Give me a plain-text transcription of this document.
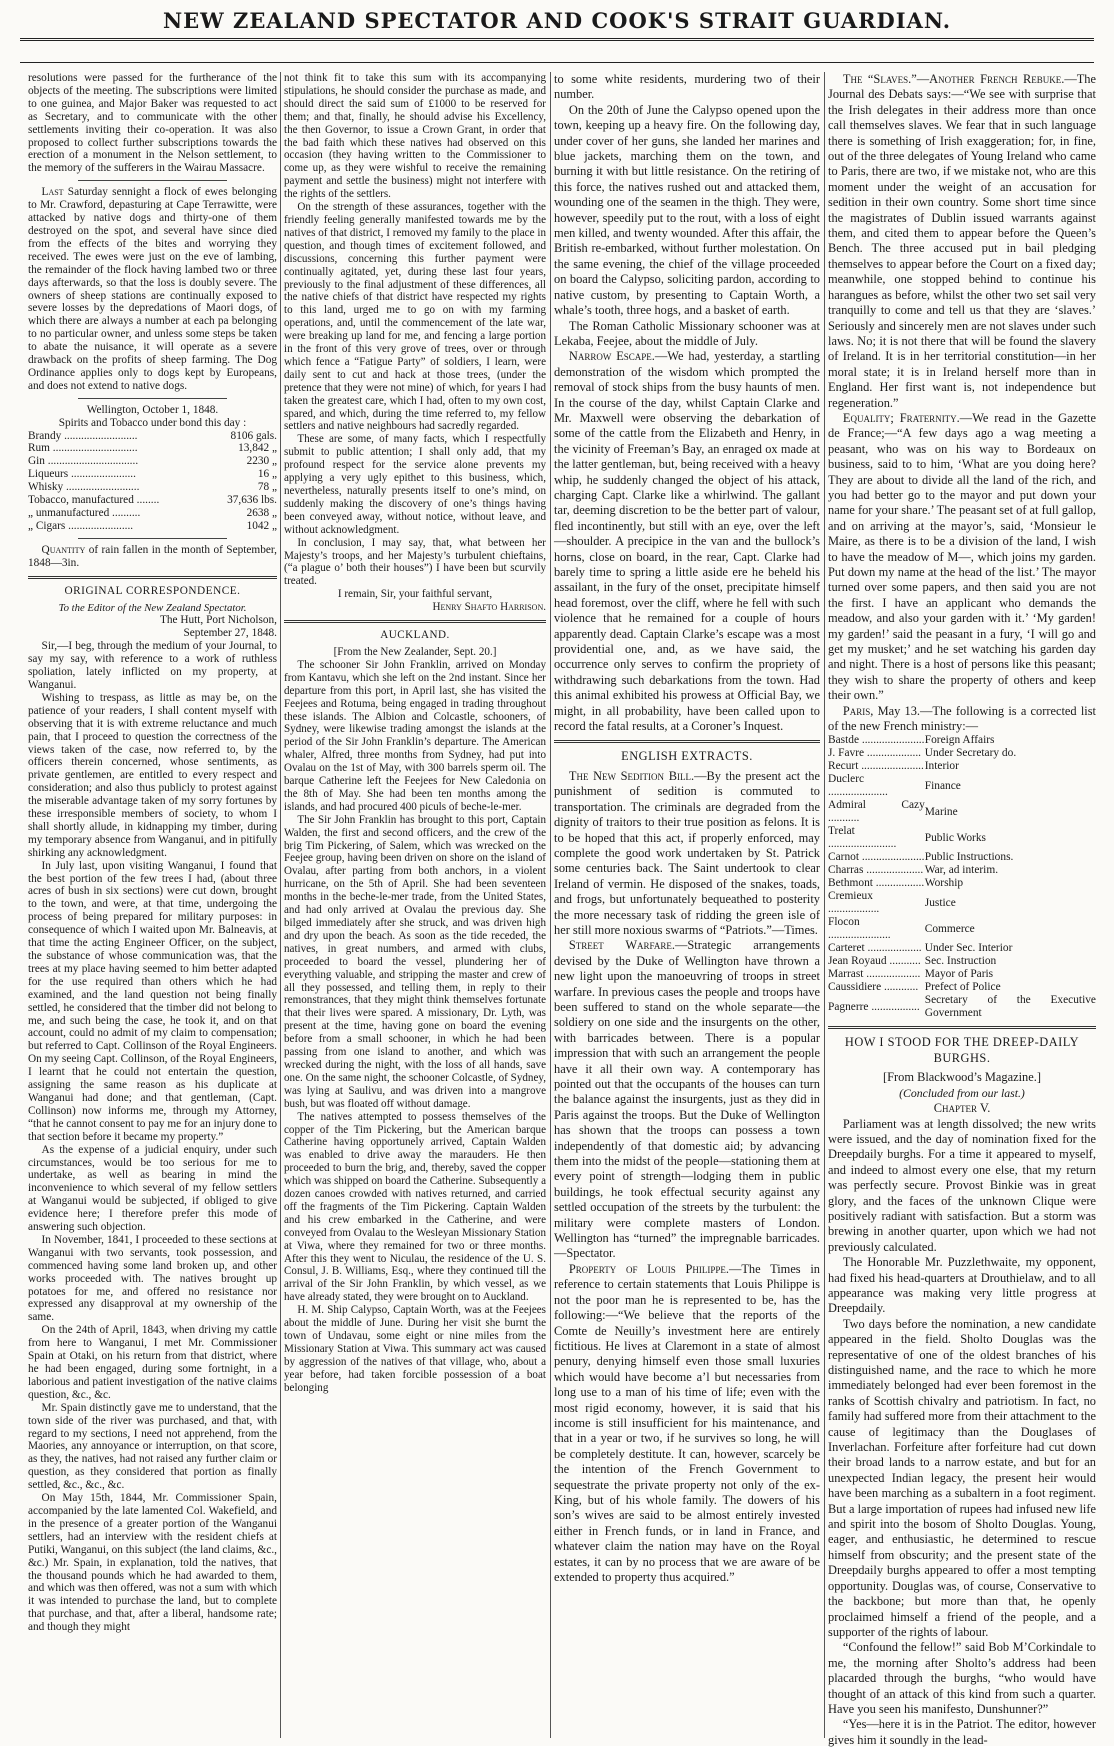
NEW ZEALAND SPECTATOR AND COOK'S STRAIT GUARDIAN.

resolutions were passed for the furtherance of the objects of the meeting. The subscriptions were limited to one guinea, and Major Baker was requested to act as Secretary, and to communicate with the other settlements inviting their co-operation. It was also proposed to collect further subscriptions towards the erection of a monument in the Nelson settlement, to the memory of the sufferers in the Wairau Massacre.

Last Saturday sennight a flock of ewes belonging to Mr. Crawford, depasturing at Cape Terrawitte, were attacked by native dogs and thirty-one of them destroyed on the spot, and several have since died from the effects of the bites and worrying they received. The ewes were just on the eve of lambing, the remainder of the flock having lambed two or three days afterwards, so that the loss is doubly severe. The owners of sheep stations are continually exposed to severe losses by the depredations of Maori dogs, of which there are always a number at each pa belonging to no particular owner, and unless some steps be taken to abate the nuisance, it will operate as a severe drawback on the profits of sheep farming. The Dog Ordinance applies only to dogs kept by Europeans, and does not extend to native dogs.

Wellington, October 1, 1848.

Spirits and Tobacco under bond this day :

Brandy ..........................	8106 gals.
Rum ..............................	13,842 „
Gin ................................	2230 „
Liqueurs .......................	16 „
Whisky ..........................	78 „
Tobacco, manufactured ........	37,636 lbs.
„ unmanufactured ..........	2638 „
„ Cigars .......................	1042 „

Quantity of rain fallen in the month of September, 1848—3in.

ORIGINAL CORRESPONDENCE.

To the Editor of the New Zealand Spectator.

The Hutt, Port Nicholson,

September 27, 1848.

Sir,—I beg, through the medium of your Journal, to say my say, with reference to a work of ruthless spoliation, lately inflicted on my property, at Wanganui.

Wishing to trespass, as little as may be, on the patience of your readers, I shall content myself with observing that it is with extreme reluctance and much pain, that I proceed to question the correctness of the views taken of the case, now referred to, by the officers therein concerned, whose sentiments, as private gentlemen, are entitled to every respect and consideration; and also thus publicly to protest against the miserable advantage taken of my sorry fortunes by these irresponsible members of society, to whom I shall shortly allude, in kidnapping my timber, during my temporary absence from Wanganui, and in pitifully shirking any acknowledgment.

In July last, upon visiting Wanganui, I found that the best portion of the few trees I had, (about three acres of bush in six sections) were cut down, brought to the town, and were, at that time, undergoing the process of being prepared for military purposes: in consequence of which I waited upon Mr. Balneavis, at that time the acting Engineer Officer, on the subject, the substance of whose communication was, that the trees at my place having seemed to him better adapted for the use required than others which he had examined, and the land question not being finally settled, he considered that the timber did not belong to me, and such being the case, he took it, and on that account, could no admit of my claim to compensation; but referred to Capt. Collinson of the Royal Engineers. On my seeing Capt. Collinson, of the Royal Engineers, I learnt that he could not entertain the question, assigning the same reason as his duplicate at Wanganui had done; and that gentleman, (Capt. Collinson) now informs me, through my Attorney, “that he cannot consent to pay me for an injury done to that section before it became my property.”

As the expense of a judicial enquiry, under such circumstances, would be too serious for me to undertake, as well as bearing in mind the inconvenience to which several of my fellow settlers at Wanganui would be subjected, if obliged to give evidence here; I therefore prefer this mode of answering such objection.

In November, 1841, I proceeded to these sections at Wanganui with two servants, took possession, and commenced having some land broken up, and other works proceeded with. The natives brought up potatoes for me, and offered no resistance nor expressed any disapproval at my ownership of the same.

On the 24th of April, 1843, when driving my cattle from here to Wanganui, I met Mr. Commissioner Spain at Otaki, on his return from that district, where he had been engaged, during some fortnight, in a laborious and patient investigation of the native claims question, &c., &c.

Mr. Spain distinctly gave me to understand, that the town side of the river was purchased, and that, with regard to my sections, I need not apprehend, from the Maories, any annoyance or interruption, on that score, as they, the natives, had not raised any further claim or question, as they considered that portion as finally settled, &c., &c., &c.

On May 15th, 1844, Mr. Commissioner Spain, accompanied by the late lamented Col. Wakefield, and in the presence of a greater portion of the Wanganui settlers, had an interview with the resident chiefs at Putiki, Wanganui, on this subject (the land claims, &c., &c.) Mr. Spain, in explanation, told the natives, that the thousand pounds which he had awarded to them, and which was then offered, was not a sum with which it was intended to purchase the land, but to complete that purchase, and that, after a liberal, handsome rate; and though they might

not think fit to take this sum with its accompanying stipulations, he should consider the purchase as made, and should direct the said sum of £1000 to be reserved for them; and that, finally, he should advise his Excellency, the then Governor, to issue a Crown Grant, in order that the bad faith which these natives had observed on this occasion (they having written to the Commissioner to come up, as they were wishful to receive the remaining payment and settle the business) might not interfere with the rights of the settlers.

On the strength of these assurances, together with the friendly feeling generally manifested towards me by the natives of that district, I removed my family to the place in question, and though times of excitement followed, and discussions, concerning this further payment were continually agitated, yet, during these last four years, previously to the final adjustment of these differences, all the native chiefs of that district have respected my rights to this land, urged me to go on with my farming operations, and, until the commencement of the late war, were breaking up land for me, and fencing a large portion in the front of this very grove of trees, over or through which fence a “Fatigue Party” of soldiers, I learn, were daily sent to cut and hack at those trees, (under the pretence that they were not mine) of which, for years I had taken the greatest care, which I had, often to my own cost, spared, and which, during the time referred to, my fellow settlers and native neighbours had sacredly regarded.

These are some, of many facts, which I respectfully submit to public attention; I shall only add, that my profound respect for the service alone prevents my applying a very ugly epithet to this business, which, nevertheless, naturally presents itself to one’s mind, on suddenly making the discovery of one’s things having been conveyed away, without notice, without leave, and without acknowledgment.

In conclusion, I may say, that, what between her Majesty’s troops, and her Majesty’s turbulent chieftains, (“a plague o’ both their houses”) I have been but scurvily treated.

I remain, Sir, your faithful servant,

Henry Shafto Harrison.

AUCKLAND.

[From the New Zealander, Sept. 20.]

The schooner Sir John Franklin, arrived on Monday from Kantavu, which she left on the 2nd instant. Since her departure from this port, in April last, she has visited the Feejees and Rotuma, being engaged in trading throughout these islands. The Albion and Colcastle, schooners, of Sydney, were likewise trading amongst the islands at the period of the Sir John Franklin’s departure. The American whaler, Alfred, three months from Sydney, had put into Ovalau on the 1st of May, with 300 barrels sperm oil. The barque Catherine left the Feejees for New Caledonia on the 8th of May. She had been ten months among the islands, and had procured 400 piculs of beche-le-mer.

The Sir John Franklin has brought to this port, Captain Walden, the first and second officers, and the crew of the brig Tim Pickering, of Salem, which was wrecked on the Feejee group, having been driven on shore on the island of Ovalau, after parting from both anchors, in a violent hurricane, on the 5th of April. She had been seventeen months in the beche-le-mer trade, from the United States, and had only arrived at Ovalau the previous day. She bilged immediately after she struck, and was driven high and dry upon the beach. As soon as the tide receded, the natives, in great numbers, and armed with clubs, proceeded to board the vessel, plundering her of everything valuable, and stripping the master and crew of all they possessed, and telling them, in reply to their remonstrances, that they might think themselves fortunate that their lives were spared. A missionary, Dr. Lyth, was present at the time, having gone on board the evening before from a small schooner, in which he had been passing from one island to another, and which was wrecked during the night, with the loss of all hands, save one. On the same night, the schooner Colcastle, of Sydney, was lying at Saulivu, and was driven into a mangrove bush, but was floated off without damage.

The natives attempted to possess themselves of the copper of the Tim Pickering, but the American barque Catherine having opportunely arrived, Captain Walden was enabled to drive away the marauders. He then proceeded to burn the brig, and, thereby, saved the copper which was shipped on board the Catherine. Subsequently a dozen canoes crowded with natives returned, and carried off the fragments of the Tim Pickering. Captain Walden and his crew embarked in the Catherine, and were conveyed from Ovalau to the Wesleyan Missionary Station at Viwa, where they remained for two or three months. After this they went to Niculau, the residence of the U. S. Consul, J. B. Williams, Esq., where they continued till the arrival of the Sir John Franklin, by which vessel, as we have already stated, they were brought on to Auckland.

H. M. Ship Calypso, Captain Worth, was at the Feejees about the middle of June. During her visit she burnt the town of Undavau, some eight or nine miles from the Missionary Station at Viwa. This summary act was caused by aggression of the natives of that village, who, about a year before, had taken forcible possession of a boat belonging

to some white residents, murdering two of their number.

On the 20th of June the Calypso opened upon the town, keeping up a heavy fire. On the following day, under cover of her guns, she landed her marines and blue jackets, marching them on the town, and burning it with but little resistance. On the retiring of this force, the natives rushed out and attacked them, wounding one of the seamen in the thigh. They were, however, speedily put to the rout, with a loss of eight men killed, and twenty wounded. After this affair, the British re-embarked, without further molestation. On the same evening, the chief of the village proceeded on board the Calypso, soliciting pardon, according to native custom, by presenting to Captain Worth, a whale’s tooth, three hogs, and a basket of earth.

The Roman Catholic Missionary schooner was at Lekaba, Feejee, about the middle of July.

Narrow Escape.—We had, yesterday, a startling demonstration of the wisdom which prompted the removal of stock ships from the busy haunts of men. In the course of the day, whilst Captain Clarke and Mr. Maxwell were observing the debarkation of some of the cattle from the Elizabeth and Henry, in the vicinity of Freeman’s Bay, an enraged ox made at the latter gentleman, but, being received with a heavy whip, he suddenly changed the object of his attack, charging Capt. Clarke like a whirlwind. The gallant tar, deeming discretion to be the better part of valour, fled incontinently, but still with an eye, over the left—shoulder. A precipice in the van and the bullock’s horns, close on board, in the rear, Capt. Clarke had barely time to spring a little aside ere he beheld his assailant, in the fury of the onset, precipitate himself head foremost, over the cliff, where he fell with such violence that he remained for a couple of hours apparently dead. Captain Clarke’s escape was a most providential one, and, as we have said, the occurrence only serves to confirm the propriety of withdrawing such debarkations from the town. Had this animal exhibited his prowess at Official Bay, we might, in all probability, have been called upon to record the fatal results, at a Coroner’s Inquest.

ENGLISH EXTRACTS.

The New Sedition Bill.—By the present act the punishment of sedition is commuted to transportation. The criminals are degraded from the dignity of traitors to their true position as felons. It is to be hoped that this act, if properly enforced, may complete the good work undertaken by St. Patrick some centuries back. The Saint undertook to clear Ireland of vermin. He disposed of the snakes, toads, and frogs, but unfortunately bequeathed to posterity the more necessary task of ridding the green isle of her still more noxious swarms of “Patriots.”—Times.

Street Warfare.—Strategic arrangements devised by the Duke of Wellington have thrown a new light upon the manoeuvring of troops in street warfare. In previous cases the people and troops have been suffered to stand on the whole separate—the soldiery on one side and the insurgents on the other, with barricades between. There is a popular impression that with such an arrangement the people have it all their own way. A contemporary has pointed out that the occupants of the houses can turn the balance against the insurgents, just as they did in Paris against the troops. But the Duke of Wellington has shown that the troops can possess a town independently of that domestic aid; by advancing them into the midst of the people—stationing them at every point of strength—lodging them in public buildings, he took effectual security against any settled occupation of the streets by the turbulent: the military were complete masters of London. Wellington has “turned” the impregnable barricades.—Spectator.

Property of Louis Philippe.—The Times in reference to certain statements that Louis Philippe is not the poor man he is represented to be, has the following:—“We believe that the reports of the Comte de Neuilly’s investment here are entirely fictitious. He lives at Claremont in a state of almost penury, denying himself even those small luxuries which would have become a’l but necessaries from long use to a man of his time of life; even with the most rigid economy, however, it is said that his income is still insufficient for his maintenance, and that in a year or two, if he survives so long, he will be completely destitute. It can, however, scarcely be the intention of the French Government to sequestrate the private property not only of the ex-King, but of his whole family. The dowers of his son’s wives are said to be almost entirely invested either in French funds, or in land in France, and whatever claim the nation may have on the Royal estates, it can by no process that we are aware of be extended to property thus acquired.”

The “Slaves.”—Another French Rebuke.—The Journal des Debats says:—“We see with surprise that the Irish delegates in their address more than once call themselves slaves. We fear that in such language there is something of Irish exaggeration; for, in fine, out of the three delegates of Young Ireland who came to Paris, there are two, if we mistake not, who are this moment under the weight of an accusation for sedition in their own country. Some short time since the magistrates of Dublin issued warrants against them, and cited them to appear before the Queen’s Bench. The three accused put in bail pledging themselves to appear before the Court on a fixed day; meanwhile, one stopped behind to continue his harangues as before, whilst the other two set sail very tranquilly to come and tell us that they are ‘slaves.’ Seriously and sincerely men are not slaves under such laws. No; it is not there that will be found the slavery of Ireland. It is in her territorial constitution—in her moral state; it is in Ireland herself more than in England. Her first want is, not independence but regeneration.”

Equality; Fraternity.—We read in the Gazette de France;—“A few days ago a wag meeting a peasant, who was on his way to Bordeaux on business, said to to him, ‘What are you doing here? They are about to divide all the land of the rich, and you had better go to the mayor and put down your name for your share.’ The peasant set of at full gallop, and on arriving at the mayor’s, said, ‘Monsieur le Maire, as there is to be a division of the land, I wish to have the meadow of M—, which joins my garden. Put down my name at the head of the list.’ The mayor turned over some papers, and then said you are not the first. I have an applicant who demands the meadow, and also your garden with it.’ ‘My garden! my garden!’ said the peasant in a fury, ‘I will go and get my musket;’ and he set watching his garden day and night. There is a host of persons like this peasant; they wish to share the property of others and keep their own.”

Paris, May 13.—The following is a corrected list of the new French ministry:—

Bastde ......................	Foreign Affairs
J. Favre ...................	Under Secretary do.
Recurt ......................	Interior
Duclerc .....................	Finance
Admiral Cazy ...........	Marine
Trelat ........................	Public Works
Carnot ......................	Public Instructions.
Charras ....................	War, ad interim.
Bethmont .................	Worship
Cremieux ..................	Justice
Flocon ......................	Commerce
Carteret ...................	Under Sec. Interior
Jean Royaud ...........	Sec. Instruction
Marrast ...................	Mayor of Paris
Caussidiere ............	Prefect of Police
Pagnerre .................	Secretary of the Executive Government

HOW I STOOD FOR THE DREEP-DAILY BURGHS.

[From Blackwood’s Magazine.]

(Concluded from our last.)

Chapter V.

Parliament was at length dissolved; the new writs were issued, and the day of nomination fixed for the Dreepdaily burghs. For a time it appeared to myself, and indeed to almost every one else, that my return was perfectly secure. Provost Binkie was in great glory, and the faces of the unknown Clique were positively radiant with satisfaction. But a storm was brewing in another quarter, upon which we had not previously calculated.

The Honorable Mr. Puzzlethwaite, my opponent, had fixed his head-quarters at Drouthielaw, and to all appearance was making very little progress at Dreepdaily.

Two days before the nomination, a new candidate appeared in the field. Sholto Douglas was the representative of one of the oldest branches of his distinguished name, and the race to which he more immediately belonged had ever been foremost in the ranks of Scottish chivalry and patriotism. In fact, no family had suffered more from their attachment to the cause of legitimacy than the Douglases of Inverlachan. Forfeiture after forfeiture had cut down their broad lands to a narrow estate, and but for an unexpected Indian legacy, the present heir would have been marching as a subaltern in a foot regiment. But a large importation of rupees had infused new life and spirit into the bosom of Sholto Douglas. Young, eager, and enthusiastic, he determined to rescue himself from obscurity; and the present state of the Dreepdaily burghs appeared to offer a most tempting opportunity. Douglas was, of course, Conservative to the backbone; but more than that, he openly proclaimed himself a friend of the people, and a supporter of the rights of labour.

“Confound the fellow!” said Bob M’Corkindale to me, the morning after Sholto’s address had been placarded through the burghs, “who would have thought of an attack of this kind from such a quarter. Have you seen his manifesto, Dunshunner?”

“Yes—here it is in the Patriot. The editor, however gives him it soundly in the lead-
